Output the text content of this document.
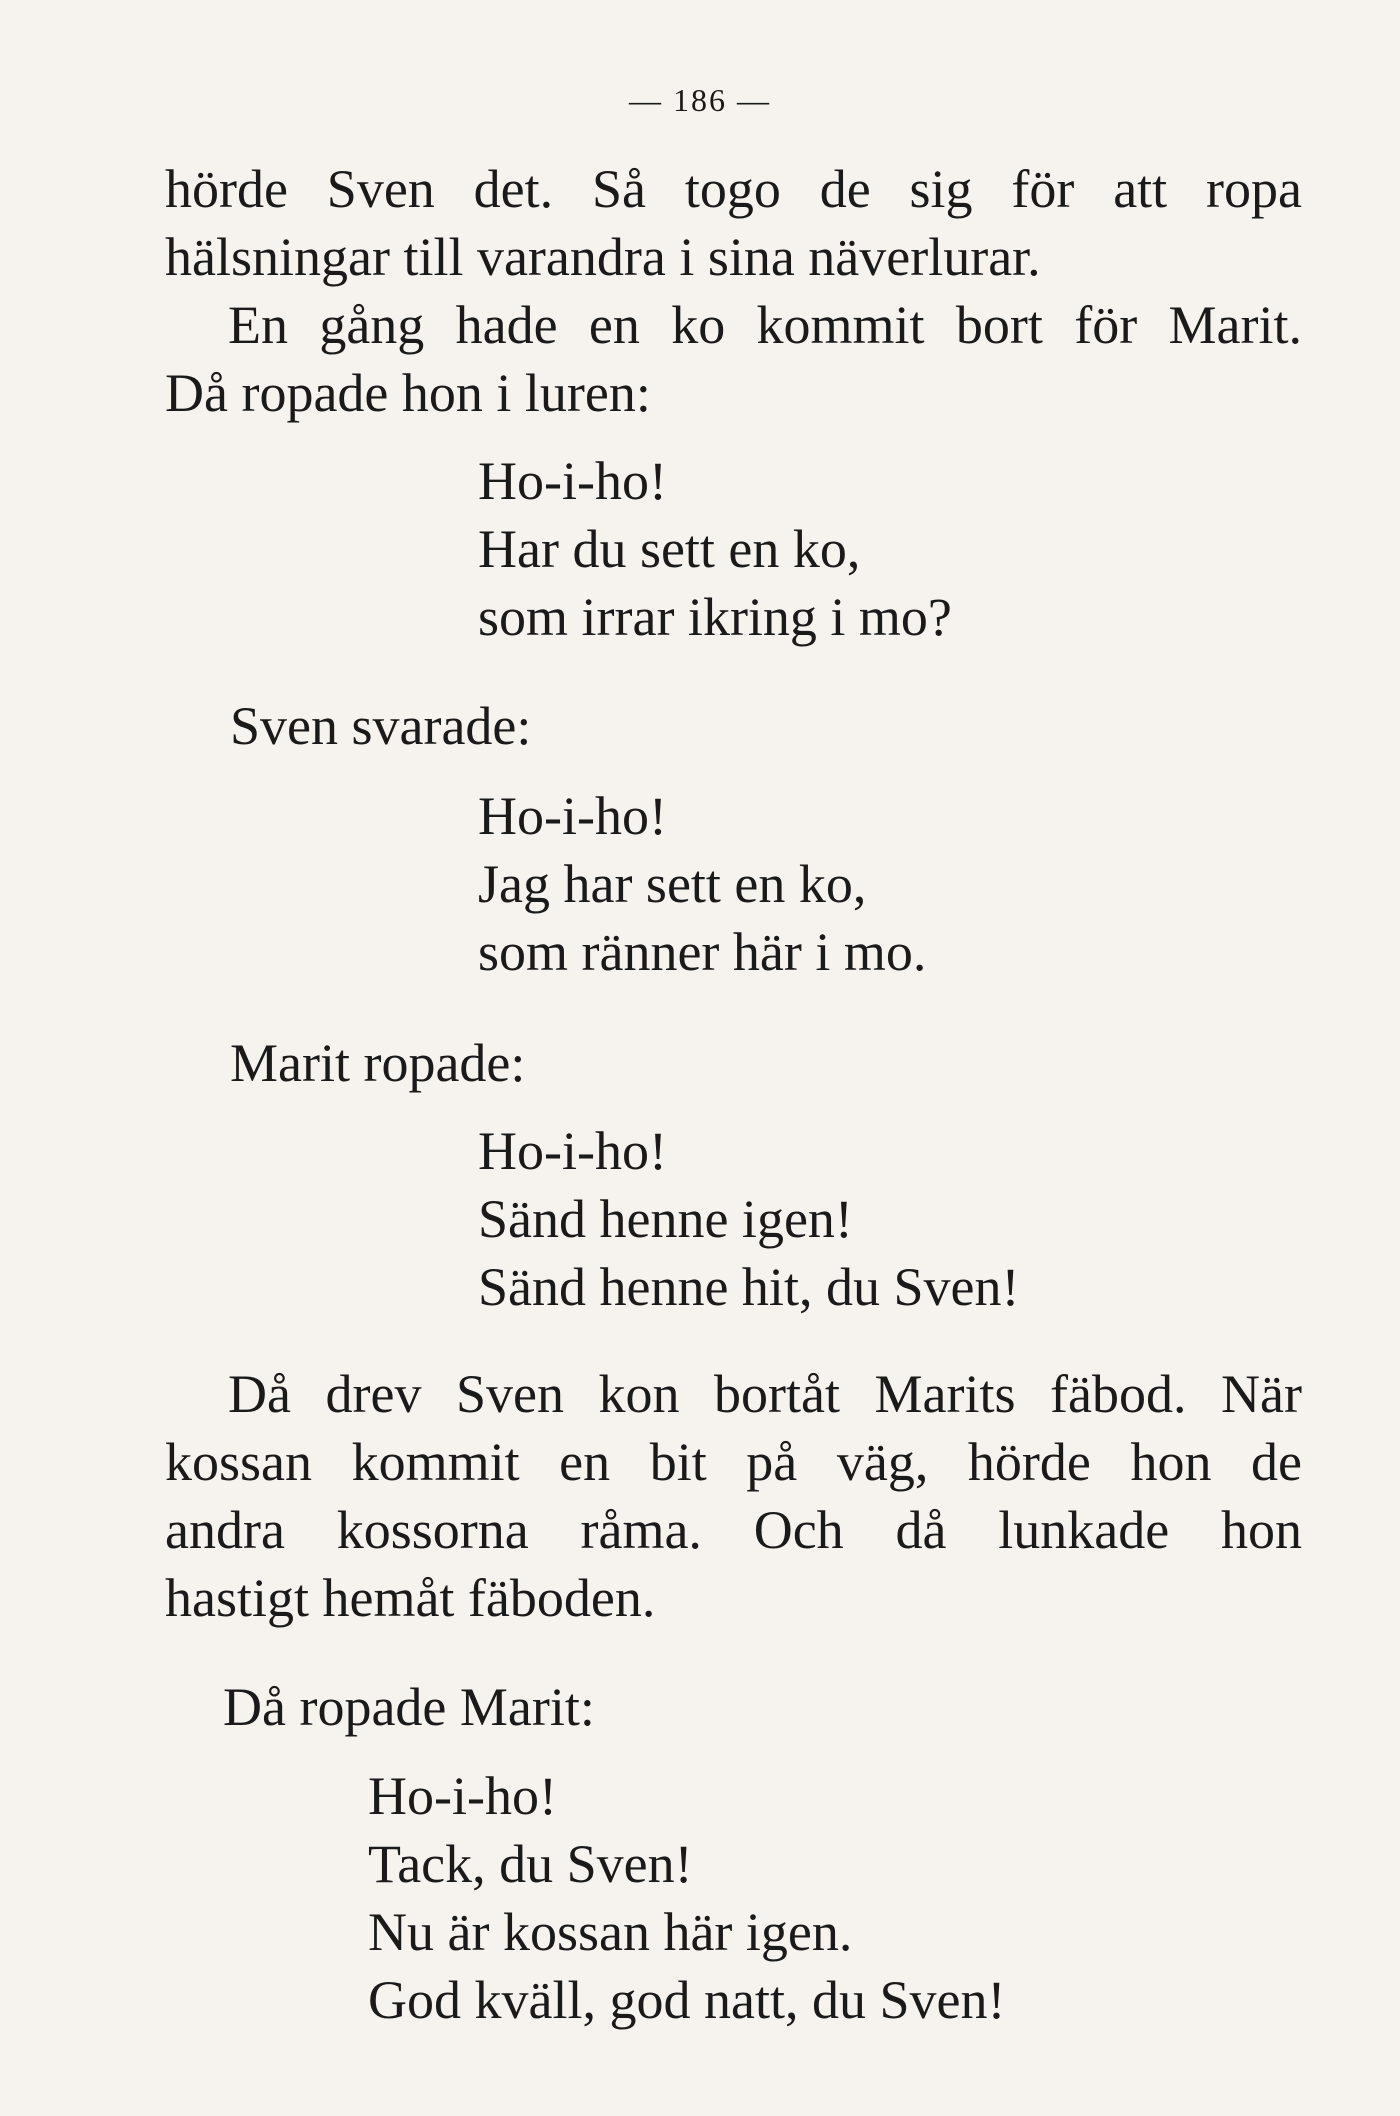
— 186 —
hörde Sven det. Så togo de sig för att ropa
hälsningar till varandra i sina näverlurar.
En gång hade en ko kommit bort för Marit.
Då ropade hon i luren:
Ho-i-ho!
Har du sett en ko,
som irrar ikring i mo?
Sven svarade:
Ho-i-ho!
Jag har sett en ko,
som ränner här i mo.
Marit ropade:
Ho-i-ho!
Sänd henne igen!
Sänd henne hit, du Sven!
Då drev Sven kon bortåt Marits fäbod. När
kossan kommit en bit på väg, hörde hon de
andra kossorna råma. Och då lunkade hon
hastigt hemåt fäboden.
Då ropade Marit:
Ho-i-ho!
Tack, du Sven!
Nu är kossan här igen.
God kväll, god natt, du Sven!
